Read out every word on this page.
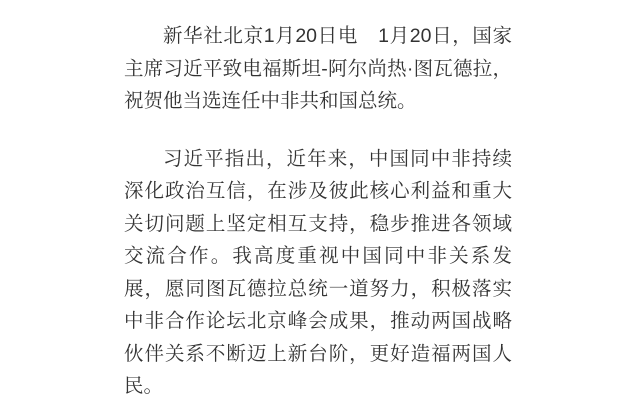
新华社北京1月20日电　1月20日，国家主席习近平致电福斯坦-阿尔尚热·图瓦德拉，祝贺他当选连任中非共和国总统。

习近平指出，近年来，中国同中非持续深化政治互信，在涉及彼此核心利益和重大关切问题上坚定相互支持，稳步推进各领域交流合作。我高度重视中国同中非关系发展，愿同图瓦德拉总统一道努力，积极落实中非合作论坛北京峰会成果，推动两国战略伙伴关系不断迈上新台阶，更好造福两国人民。
